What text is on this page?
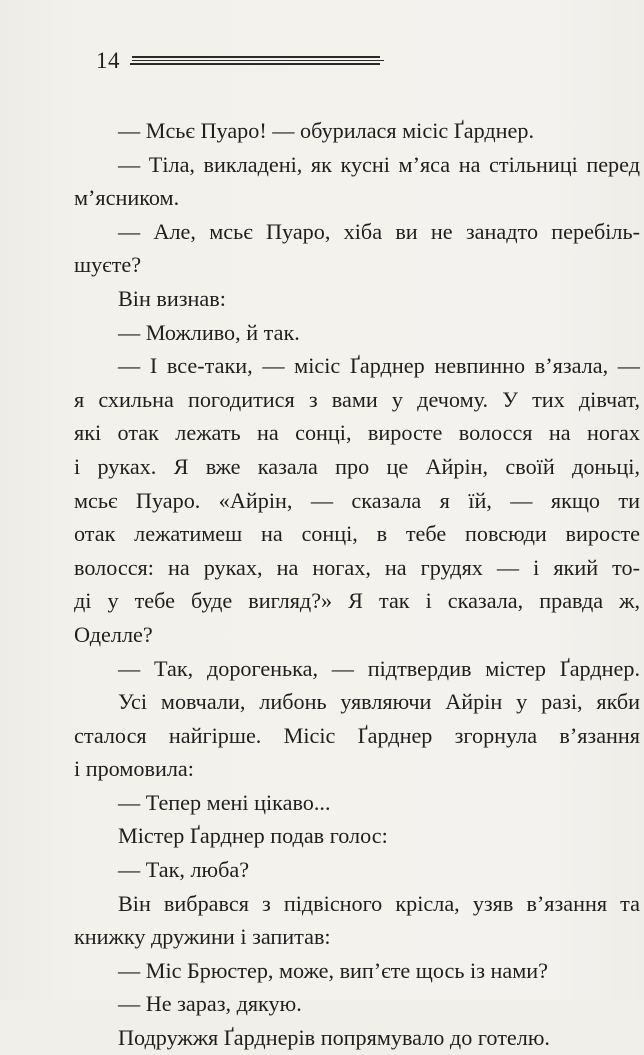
14
— Мсьє Пуаро! — обурилася місіс Ґарднер.
— Тіла, викладені, як кусні м’яса на стільниці перед
м’ясником.
— Але, мсьє Пуаро, хіба ви не занадто перебіль-
шуєте?
Він визнав:
— Можливо, й так.
— І все-таки, — місіс Ґарднер невпинно в’язала, —
я схильна погодитися з вами у дечому. У тих дівчат,
які отак лежать на сонці, виросте волосся на ногах
і руках. Я вже казала про це Айрін, своїй доньці,
мсьє Пуаро. «Айрін, — сказала я їй, — якщо ти
отак лежатимеш на сонці, в тебе повсюди виросте
волосся: на руках, на ногах, на грудях — і який то-
ді у тебе буде вигляд?» Я так і сказала, правда ж,
Оделле?
— Так, дорогенька, — підтвердив містер Ґарднер.
Усі мовчали, либонь уявляючи Айрін у разі, якби
сталося найгірше. Місіс Ґарднер згорнула в’язання
і промовила:
— Тепер мені цікаво...
Містер Ґарднер подав голос:
— Так, люба?
Він вибрався з підвісного крісла, узяв в’язання та
книжку дружини і запитав:
— Міс Брюстер, може, вип’єте щось із нами?
— Не зараз, дякую.
Подружжя Ґарднерів попрямувало до готелю.
